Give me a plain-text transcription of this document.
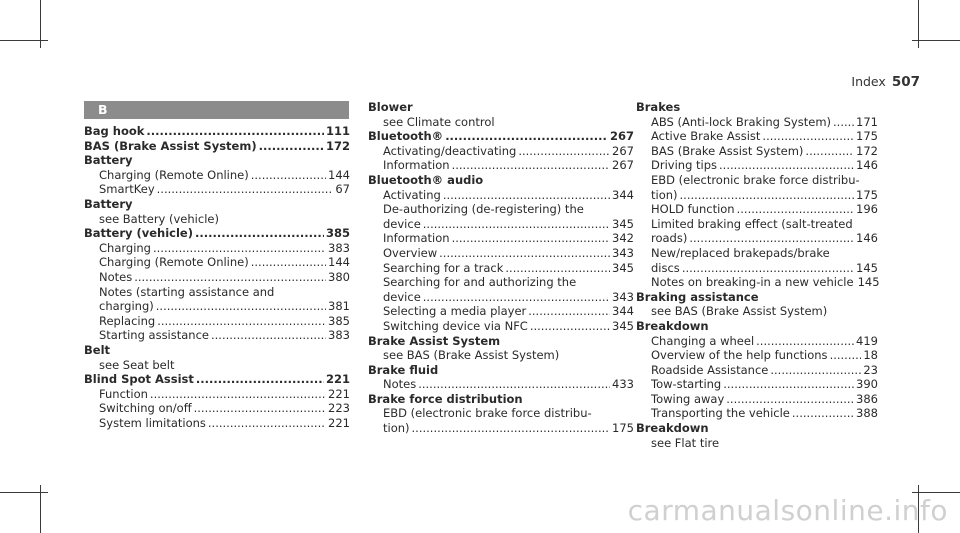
Index 507
B
Bag hook .....	111
BAS (Brake Assist System) .....	172
Battery
Charging (Remote Online) .....	144
SmartKey .....	67
Battery
see Battery (vehicle)
Battery (vehicle) .....	385
Charging .....	383
Charging (Remote Online) .....	144
Notes .....	380
Notes (starting assistance and
charging) .....	381
Replacing .....	385
Starting assistance .....	383
Belt
see Seat belt
Blind Spot Assist .....	221
Function .....	221
Switching on/off .....	223
System limitations .....	221
Blower
see Climate control
Bluetooth® .....	267
Activating/deactivating .....	267
Information .....	267
Bluetooth® audio
Activating .....	344
De-authorizing (de-registering) the
device .....	345
Information .....	342
Overview .....	343
Searching for a track .....	345
Searching for and authorizing the
device .....	343
Selecting a media player .....	344
Switching device via NFC .....	345
Brake Assist System
see BAS (Brake Assist System)
Brake fluid
Notes .....	433
Brake force distribution
EBD (electronic brake force distribu-
tion) .....	175
Brakes
ABS (Anti-lock Braking System) ..... 171
Active Brake Assist .....	175
BAS (Brake Assist System) .....	172
Driving tips .....	146
EBD (electronic brake force distribu-
tion) .....	175
HOLD function .....	196
Limited braking effect (salt-treated
roads) .....	146
New/replaced brakepads/brake
discs .....	145
Notes on breaking-in a new vehicle 145
Braking assistance
see BAS (Brake Assist System)
Breakdown
Changing a wheel .....	419
Overview of the help functions .....	18
Roadside Assistance .....	23
Tow-starting .....	390
Towing away .....	386
Transporting the vehicle .....	388
Breakdown
see Flat tire
carmanualsonline.info
